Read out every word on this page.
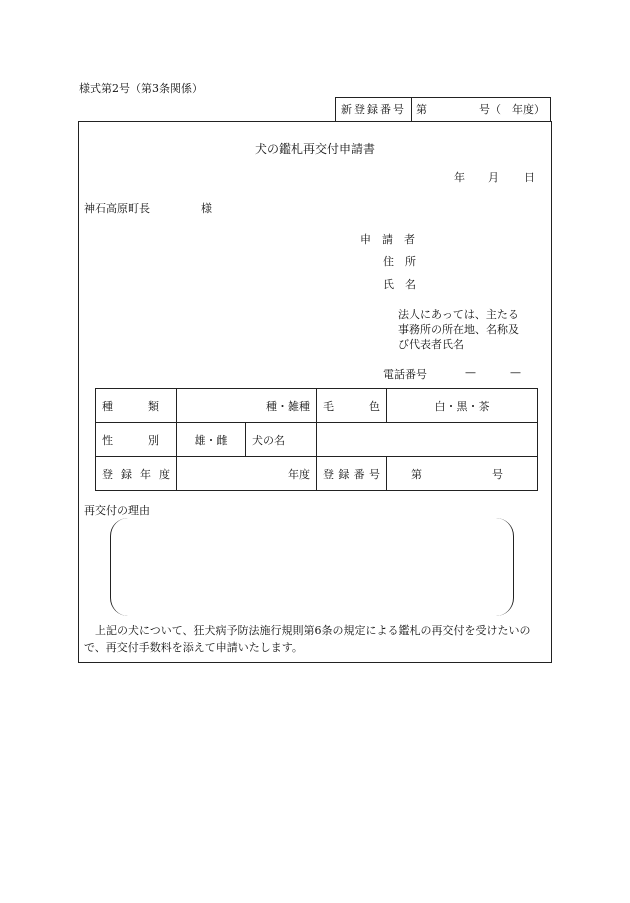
様式第2号（第3条関係）
新登録番号 第	号（　年度）
犬の鑑札再交付申請書
年 月 日
神石高原町長	様
申　請　者
住　所
氏　名
法人にあっては、主たる
事務所の所在地、名称及
び代表者氏名
電話番号	—	—
種　　類	種・雑種		毛　　色	白・黒・茶
性　　別	雄・雌	犬の名		
登録年度	年度		登録番号	第 号
再交付の理由
上記の犬について、狂犬病予防法施行規則第6条の規定による鑑札の再交付を受けたいので、再交付手数料を添えて申請いたします。
